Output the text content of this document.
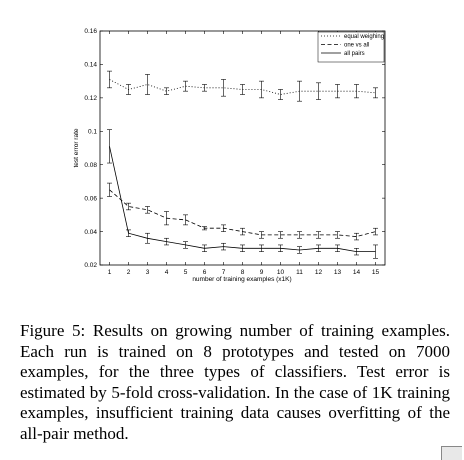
1 2 3 4 5 6 7 8 9 10 11 12 13 14 15
0.02
0.04
0.06
0.08
0.1
0.12
0.14
0.16
equal weighing
one vs all
all pairs
number of training examples (x1K)
test error rate

Figure 5: Results on growing number of training examples. Each run is trained on 8 prototypes and tested on 7000 examples, for the three types of classifiers. Test error is estimated by 5-fold cross-validation. In the case of 1K training examples, insufficient training data causes overfitting of the all-pair method.
